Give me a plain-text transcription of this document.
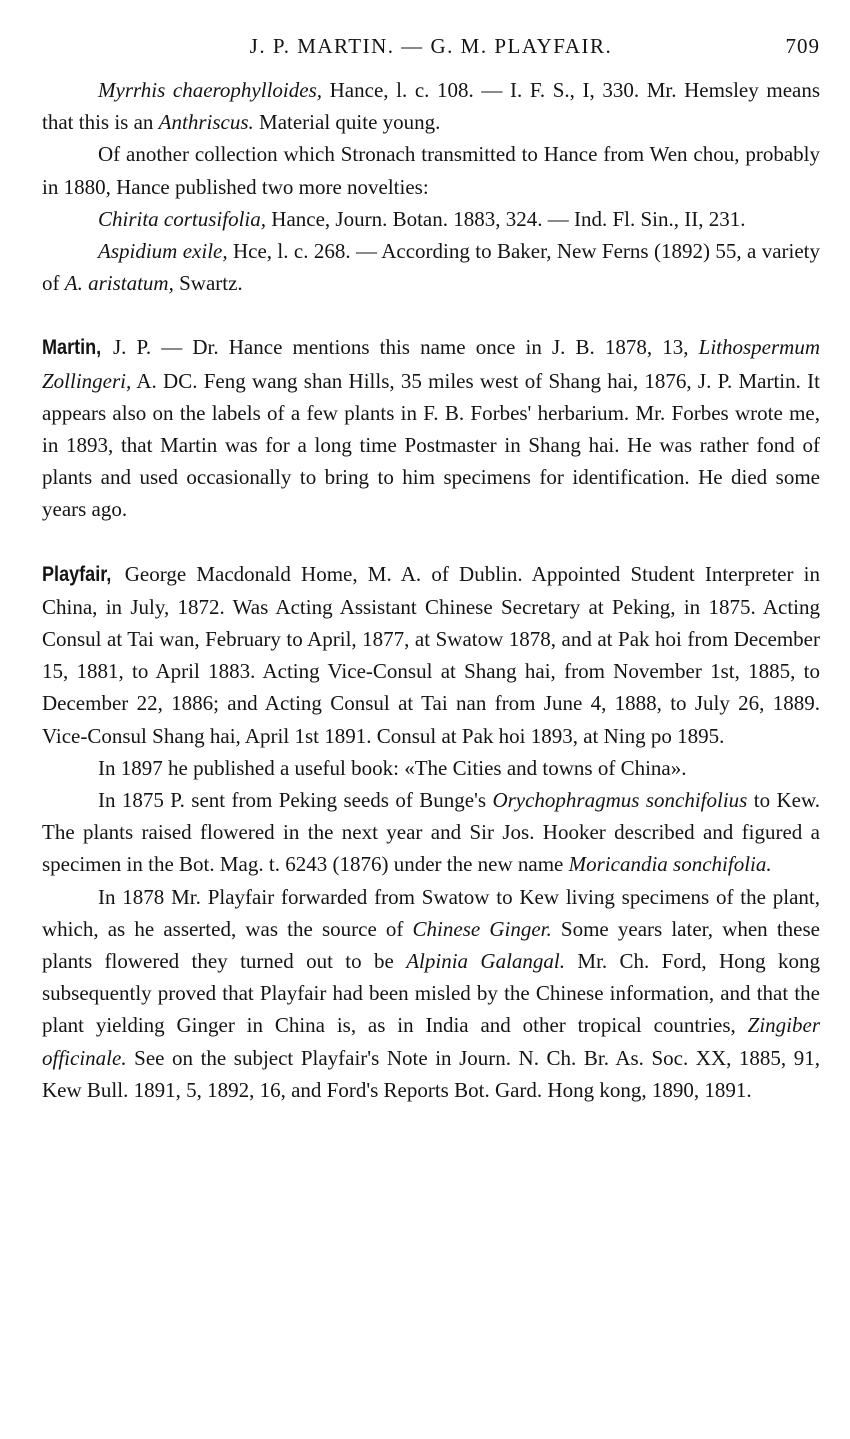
J. P. MARTIN. — G. M. PLAYFAIR.	709

Myrrhis chaerophylloides, Hance, l. c. 108. — I. F. S., I, 330. Mr. Hemsley means that this is an Anthriscus. Material quite young.

Of another collection which Stronach transmitted to Hance from Wen chou, probably in 1880, Hance published two more novelties:

Chirita cortusifolia, Hance, Journ. Botan. 1883, 324. — Ind. Fl. Sin., II, 231.

Aspidium exile, Hce, l. c. 268. — According to Baker, New Ferns (1892) 55, a variety of A. aristatum, Swartz.

Martin, J. P. — Dr. Hance mentions this name once in J. B. 1878, 13, Lithospermum Zollingeri, A. DC. Feng wang shan Hills, 35 miles west of Shang hai, 1876, J. P. Martin. It appears also on the labels of a few plants in F. B. Forbes' herbarium. Mr. Forbes wrote me, in 1893, that Martin was for a long time Postmaster in Shang hai. He was rather fond of plants and used occasionally to bring to him specimens for identification. He died some years ago.

Playfair, George Macdonald Home, M. A. of Dublin. Appointed Student Interpreter in China, in July, 1872. Was Acting Assistant Chinese Secretary at Peking, in 1875. Acting Consul at Tai wan, February to April, 1877, at Swatow 1878, and at Pak hoi from December 15, 1881, to April 1883. Acting Vice-Consul at Shang hai, from November 1st, 1885, to December 22, 1886; and Acting Consul at Tai nan from June 4, 1888, to July 26, 1889. Vice-Consul Shang hai, April 1st 1891. Consul at Pak hoi 1893, at Ning po 1895.

In 1897 he published a useful book: «The Cities and towns of China».

In 1875 P. sent from Peking seeds of Bunge's Orychophragmus sonchifolius to Kew. The plants raised flowered in the next year and Sir Jos. Hooker described and figured a specimen in the Bot. Mag. t. 6243 (1876) under the new name Moricandia sonchifolia.

In 1878 Mr. Playfair forwarded from Swatow to Kew living specimens of the plant, which, as he asserted, was the source of Chinese Ginger. Some years later, when these plants flowered they turned out to be Alpinia Galangal. Mr. Ch. Ford, Hong kong subsequently proved that Playfair had been misled by the Chinese information, and that the plant yielding Ginger in China is, as in India and other tropical countries, Zingiber officinale. See on the subject Playfair's Note in Journ. N. Ch. Br. As. Soc. XX, 1885, 91, Kew Bull. 1891, 5, 1892, 16, and Ford's Reports Bot. Gard. Hong kong, 1890, 1891.
